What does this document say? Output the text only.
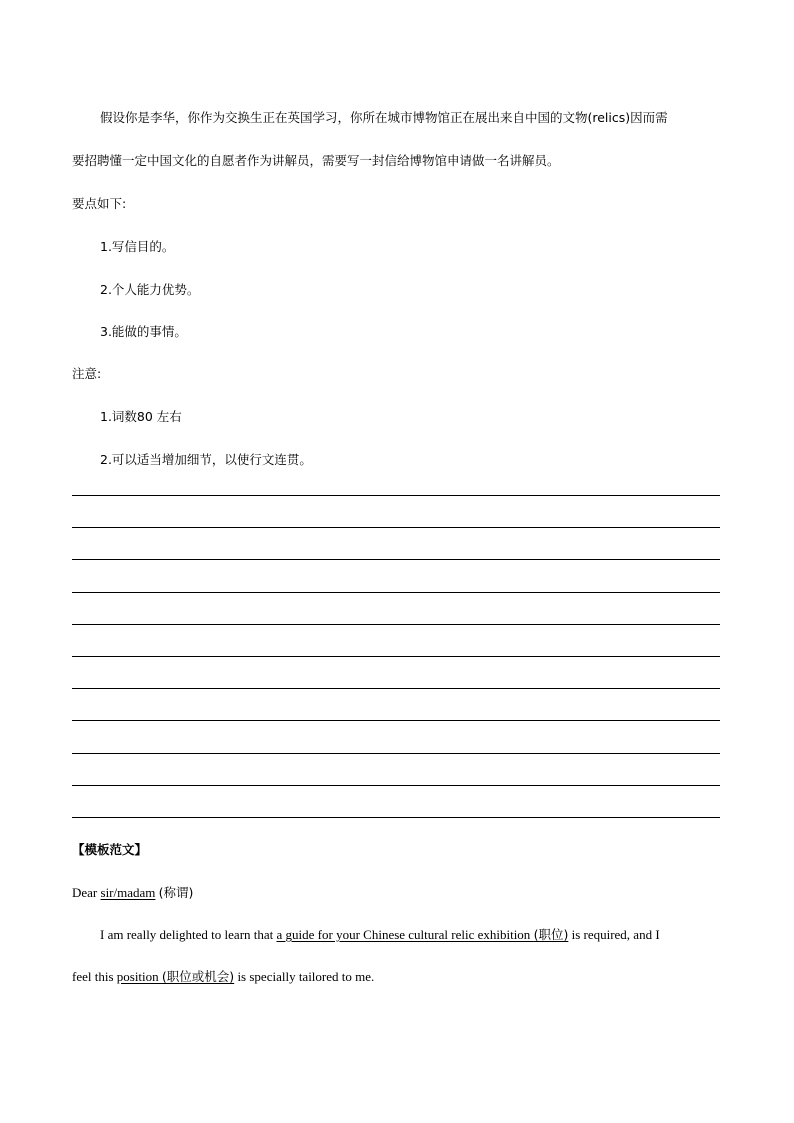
假设你是李华，你作为交换生正在英国学习，你所在城市博物馆正在展出来自中国的文物(relics)因而需
要招聘懂一定中国文化的自愿者作为讲解员，需要写一封信给博物馆申请做一名讲解员。
要点如下:
1.写信目的。
2.个人能力优势。
3.能做的事情。
注意:
1.词数80 左右
2.可以适当增加细节，以使行文连贯。
【模板范文】
Dear sir/madam (称谓)
I am really delighted to learn that a guide for your Chinese cultural relic exhibition (职位) is required, and I
feel this position (职位或机会) is specially tailored to me.
